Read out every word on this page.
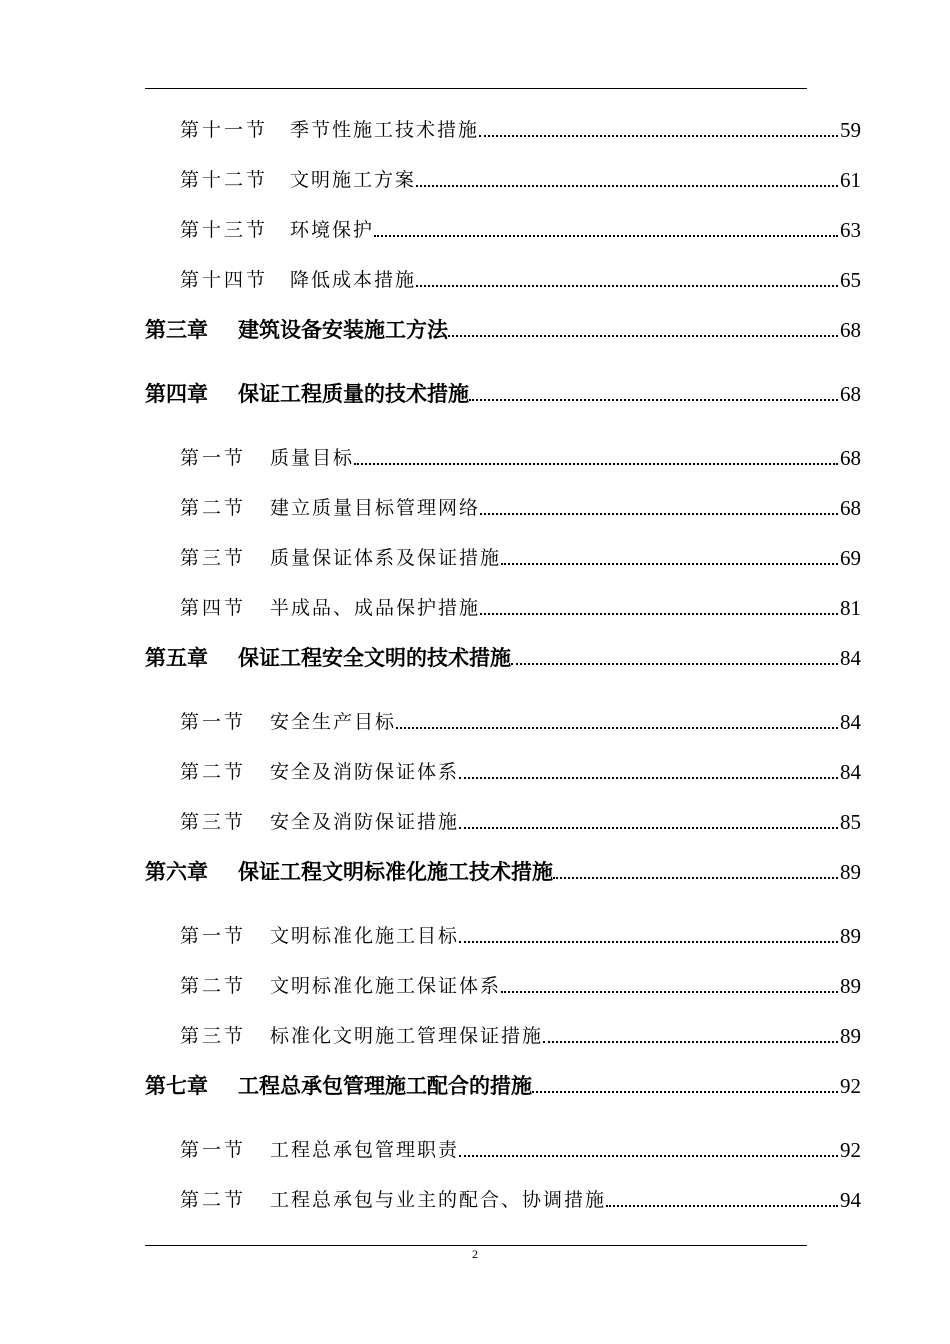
第十一节 季节性施工技术措施	59
第十二节 文明施工方案	61
第十三节 环境保护	63
第十四节 降低成本措施	65
第三章 建筑设备安装施工方法	68
第四章 保证工程质量的技术措施	68
第一节 质量目标	68
第二节 建立质量目标管理网络	68
第三节 质量保证体系及保证措施	69
第四节 半成品、成品保护措施	81
第五章 保证工程安全文明的技术措施	84
第一节 安全生产目标	84
第二节 安全及消防保证体系	84
第三节 安全及消防保证措施	85
第六章 保证工程文明标准化施工技术措施	89
第一节 文明标准化施工目标	89
第二节 文明标准化施工保证体系	89
第三节 标准化文明施工管理保证措施	89
第七章 工程总承包管理施工配合的措施	92
第一节 工程总承包管理职责	92
第二节 工程总承包与业主的配合、协调措施	94
2
